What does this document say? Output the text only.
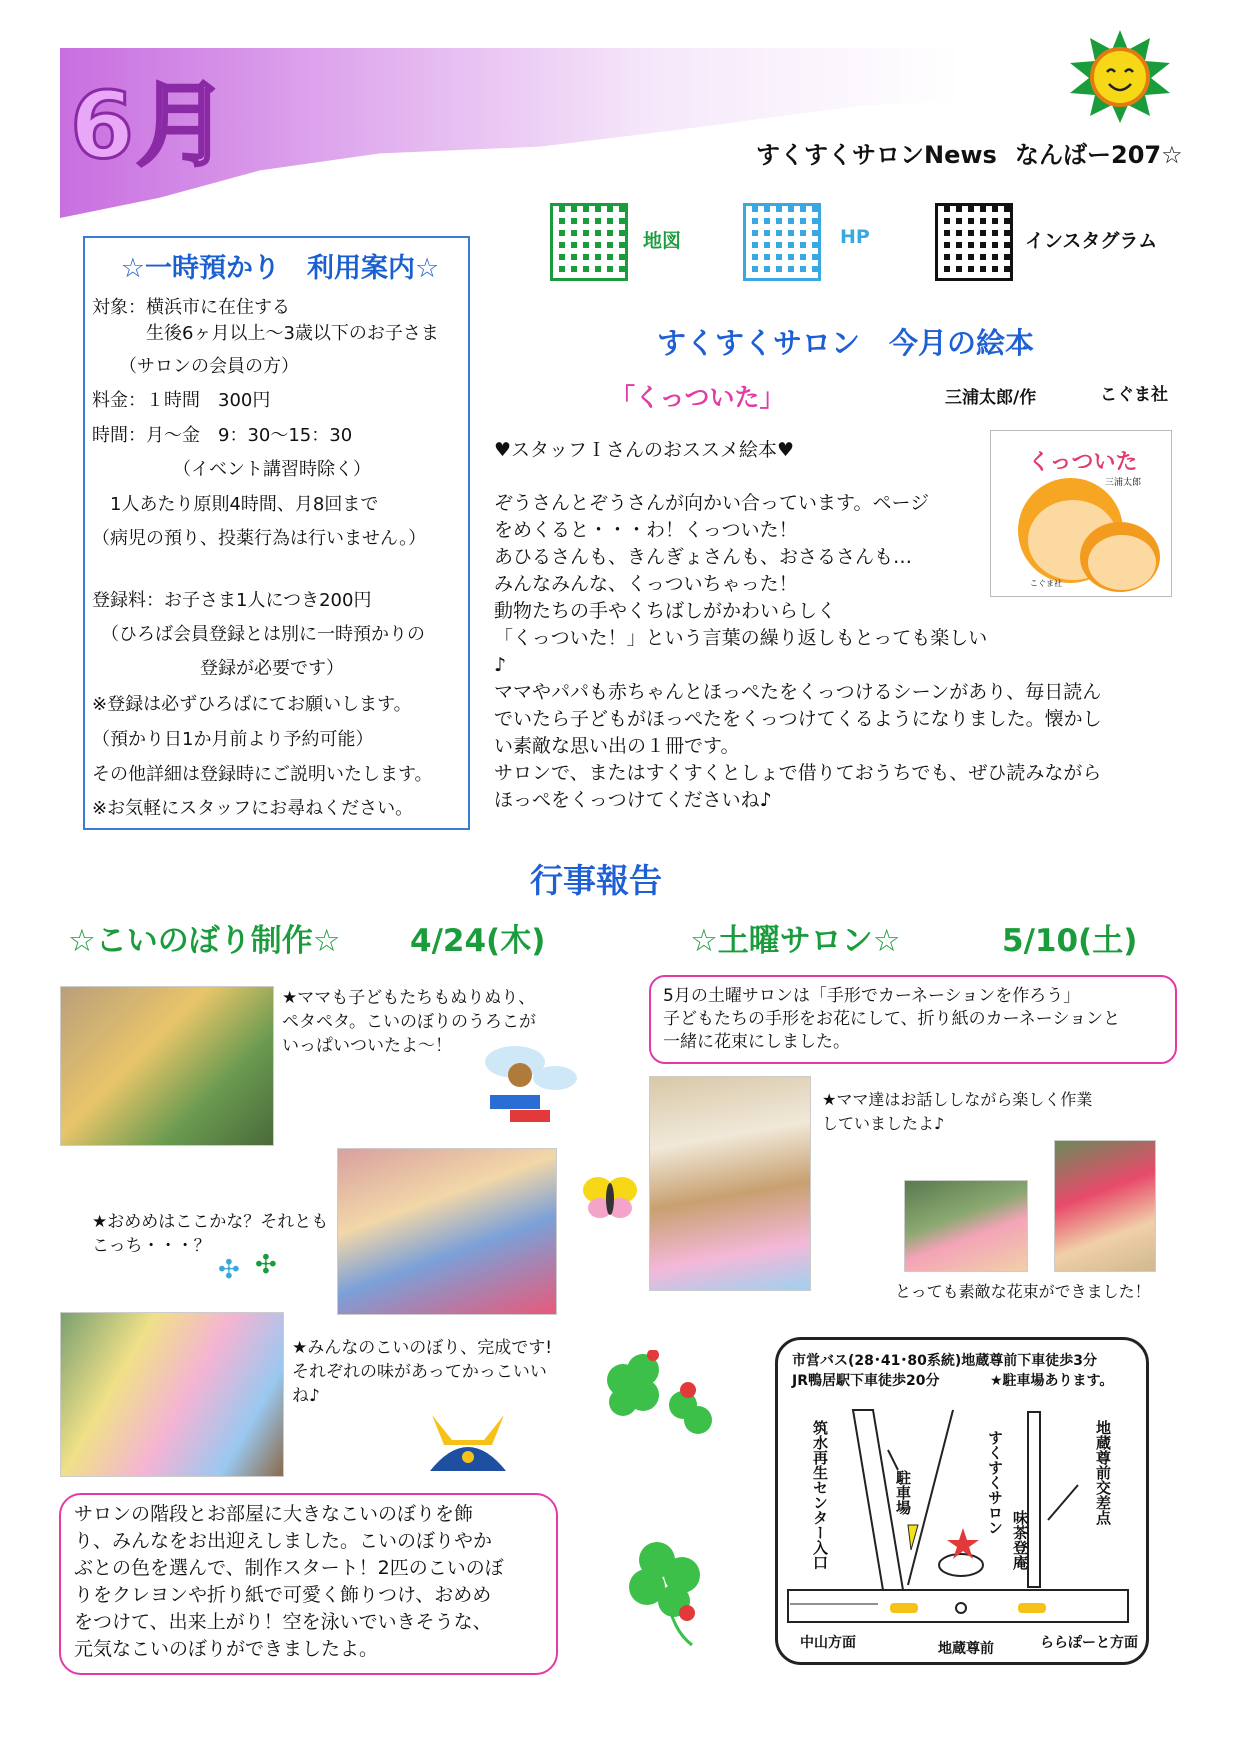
6月	すくすくサロンNews なんばー207☆
地図	HP	インスタグラム
☆一時預かり　利用案内☆
対象：横浜市に在住する
　　　生後6ヶ月以上～3歳以下のお子さま
　　（サロンの会員の方）
料金：１時間　300円
時間：月～金　9：30～15：30
　　　　　（イベント講習時除く）
　1人あたり原則4時間、月8回まで
（病児の預り、投薬行為は行いません。）
登録料：お子さま1人につき200円
　（ひろば会員登録とは別に一時預かりの
　　　　　　登録が必要です）
※登録は必ずひろばにてお願いします。
（預かり日1か月前より予約可能）
その他詳細は登録時にご説明いたします。
※お気軽にスタッフにお尋ねください。
すくすくサロン　今月の絵本
「くっついた」	三浦太郎/作	こぐま社
♥スタッフＩさんのおススメ絵本♥
ぞうさんとぞうさんが向かい合っています。ページ
をめくると・・・わ！くっついた！
あひるさんも、きんぎょさんも、おさるさんも…
みんなみんな、くっついちゃった！
動物たちの手やくちばしがかわいらしく
「くっついた！」という言葉の繰り返しもとっても楽しい♪
ママやパパも赤ちゃんとほっぺたをくっつけるシーンがあり、毎日読ん
でいたら子どもがほっぺたをくっつけてくるようになりました。懐かし
い素敵な思い出の１冊です。
サロンで、またはすくすくとしょで借りておうちでも、ぜひ読みながら
ほっぺをくっつけてくださいね♪
くっついた
三浦太郎
こぐま社
行事報告
☆こいのぼり制作☆ 4/24(木)	☆土曜サロン☆	5/10(土)
★ママも子どもたちもぬりぬり、
ペタペタ。こいのぼりのうろこが
いっぱいついたよ～！
★おめめはここかな？それとも
こっち・・・？
✣ ✣
★みんなのこいのぼり、完成です!
それぞれの味があってかっこいい
ね♪
サロンの階段とお部屋に大きなこいのぼりを飾
り、みんなをお出迎えしました。こいのぼりやか
ぶとの色を選んで、制作スタート！2匹のこいのぼ
りをクレヨンや折り紙で可愛く飾りつけ、おめめ
をつけて、出来上がり！空を泳いでいきそうな、
元気なこいのぼりができましたよ。
5月の土曜サロンは「手形でカーネーションを作ろう」
子どもたちの手形をお花にして、折り紙のカーネーションと
一緒に花束にしました。
★ママ達はお話ししながら楽しく作業
していましたよ♪
とっても素敵な花束ができました！
市営バス(28･41･80系統)地蔵尊前下車徒歩3分
JR鴨居駅下車徒歩20分	★駐車場あります。
筑水再生センター入口	駐車場	すくすくサロン
味茶登庵
地蔵尊前交差点
中山方面	地蔵尊前	ららぽーと方面
